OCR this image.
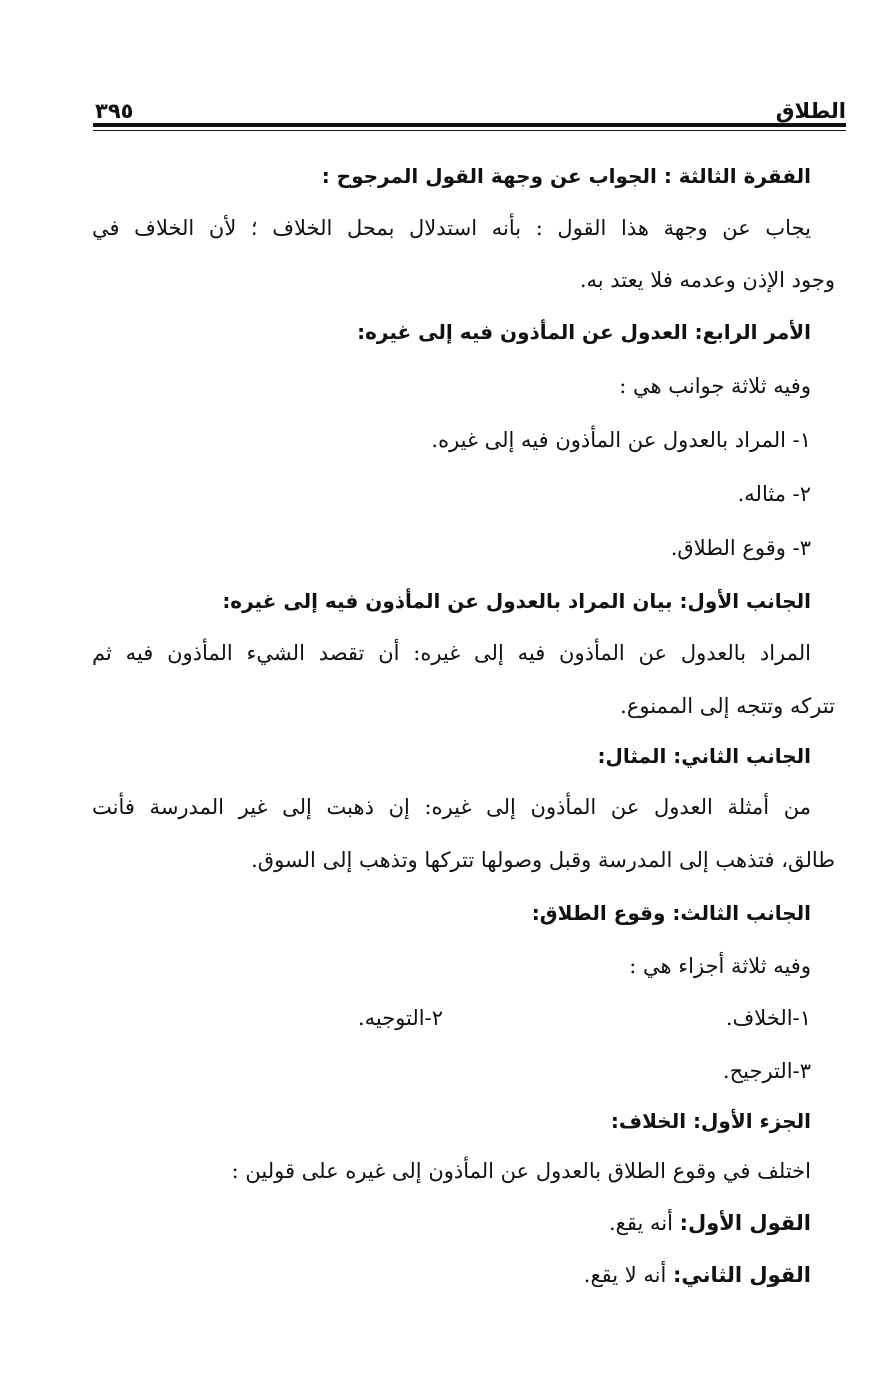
الطلاق
٣٩٥
الفقرة الثالثة : الجواب عن وجهة القول المرجوح :
يجاب عن وجهة هذا القول : بأنه استدلال بمحل الخلاف ؛ لأن الخلاف في
وجود الإذن وعدمه فلا يعتد به.
الأمر الرابع: العدول عن المأذون فيه إلى غيره:
وفيه ثلاثة جوانب هي :
١- المراد بالعدول عن المأذون فيه إلى غيره.
٢- مثاله.
٣- وقوع الطلاق.
الجانب الأول: بيان المراد بالعدول عن المأذون فيه إلى غيره:
المراد بالعدول عن المأذون فيه إلى غيره: أن تقصد الشيء المأذون فيه ثم
تتركه وتتجه إلى الممنوع.
الجانب الثاني: المثال:
من أمثلة العدول عن المأذون إلى غيره: إن ذهبت إلى غير المدرسة فأنت
طالق، فتذهب إلى المدرسة وقبل وصولها تتركها وتذهب إلى السوق.
الجانب الثالث: وقوع الطلاق:
وفيه ثلاثة أجزاء هي :
١-الخلاف.
٢-التوجيه.
٣-الترجيح.
الجزء الأول: الخلاف:
اختلف في وقوع الطلاق بالعدول عن المأذون إلى غيره على قولين :
القول الأول: أنه يقع.
القول الثاني: أنه لا يقع.
